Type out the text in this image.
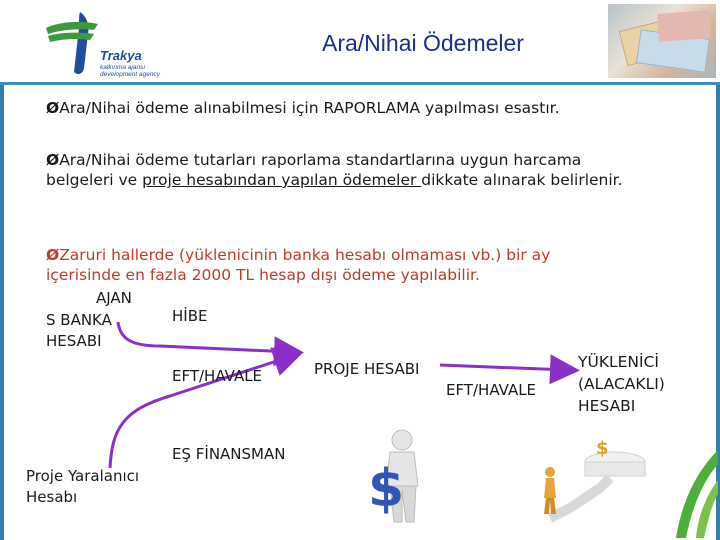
Trakya
kalkınma ajansı
development agency
Ara/Nihai Ödemeler
ØAra/Nihai ödeme alınabilmesi için RAPORLAMA yapılması esastır.
ØAra/Nihai ödeme tutarları raporlama standartlarına uygun harcama belgeleri ve proje hesabından yapılan ödemeler dikkate alınarak belirlenir.
ØZaruri hallerde (yüklenicinin banka hesabı olmaması vb.) bir ay içerisinde en fazla 2000 TL hesap dışı ödeme yapılabilir.
AJAN
S BANKA
HESABI
HİBE
EFT/HAVALE	PROJE HESABI
EFT/HAVALE
YÜKLENİCİ
(ALACAKLI)
HESABI
EŞ FİNANSMAN
Proje Yaralanıcı
Hesabı	$
$
